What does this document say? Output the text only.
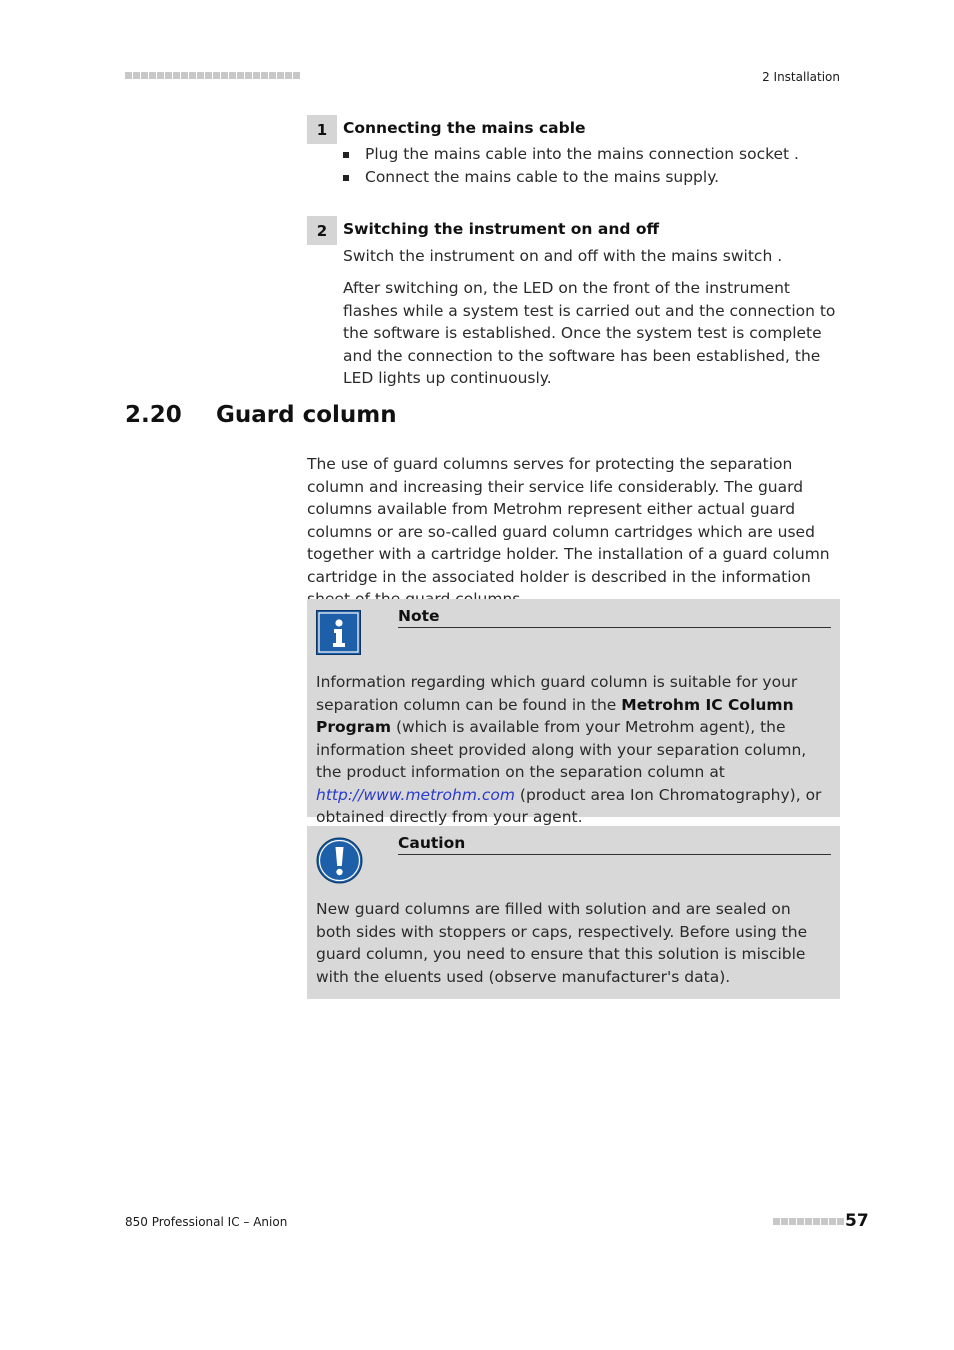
2 Installation
1	Connecting the mains cable
Plug the mains cable into the mains connection socket .
Connect the mains cable to the mains supply.
2	Switching the instrument on and off

Switch the instrument on and off with the mains switch .

After switching on, the LED on the front of the instrument flashes while a system test is carried out and the connection to the software is established. Once the system test is complete and the connection to the software has been established, the LED lights up continuously.

2.20 Guard column

The use of guard columns serves for protecting the separation column and increasing their service life considerably. The guard columns available from Metrohm represent either actual guard columns or are so-called guard column cartridges which are used together with a cartridge holder. The installation of a guard column cartridge in the associated holder is described in the information

Note

Information regarding which guard column is suitable for your separation column can be found in the Metrohm IC Column Program (which is available from your Metrohm agent), the information sheet provided along with your separation column, the product information on the separation column at http://www.metrohm.com (product area Ion Chromatography), or obtained directly from your agent.

Caution

New guard columns are filled with solution and are sealed on both sides with stoppers or caps, respectively. Before using the guard column, you need to ensure that this solution is miscible with the eluents used (observe manufacturer's data).

850 Professional IC – Anion	57
